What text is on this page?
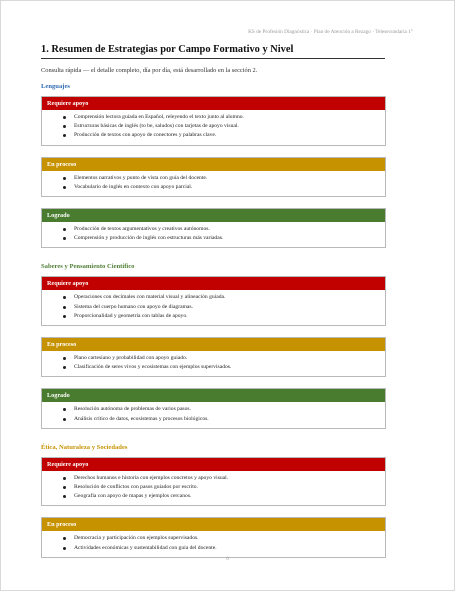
KS de Profesión Diagnóstica · Plan de Atención a Rezago · Telesecundaria 1°
1. Resumen de Estrategias por Campo Formativo y Nivel
Consulta rápida — el detalle completo, día por día, está desarrollado en la sección 2.
Lenguajes
Requiere apoyo
Comprensión lectora guiada en Español, releyendo el texto junto al alumno.
Estructuras básicas de inglés (to be, saludos) con tarjetas de apoyo visual.
Producción de textos con apoyo de conectores y palabras clave.
En proceso
Elementos narrativos y punto de vista con guía del docente.
Vocabulario de inglés en contexto con apoyo parcial.
Logrado
Producción de textos argumentativos y creativos autónomos.
Comprensión y producción de inglés con estructuras más variadas.
Saberes y Pensamiento Científico
Requiere apoyo
Operaciones con decimales con material visual y alineación guiada.
Sistema del cuerpo humano con apoyo de diagramas.
Proporcionalidad y geometría con tablas de apoyo.
En proceso
Plano cartesiano y probabilidad con apoyo guiado.
Clasificación de seres vivos y ecosistemas con ejemplos supervisados.
Logrado
Resolución autónoma de problemas de varios pasos.
Análisis crítico de datos, ecosistemas y procesos biológicos.
Ética, Naturaleza y Sociedades
Requiere apoyo
Derechos humanos e historia con ejemplos concretos y apoyo visual.
Resolución de conflictos con pasos guiados por escrito.
Geografía con apoyo de mapas y ejemplos cercanos.
En proceso
Democracia y participación con ejemplos supervisados.
Actividades económicas y sustentabilidad con guía del docente.
6
